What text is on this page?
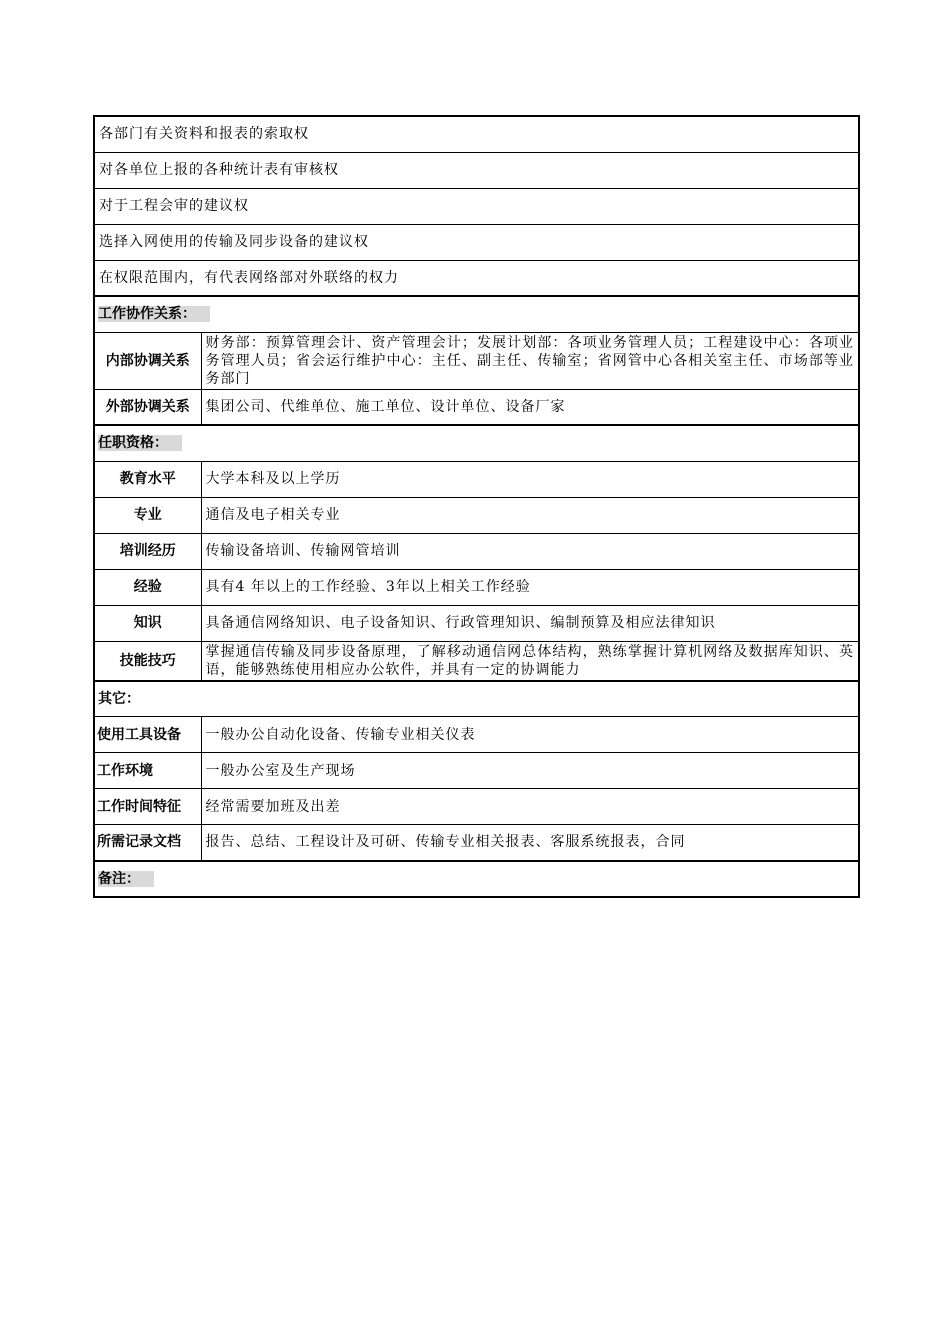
各部门有关资料和报表的索取权	
对各单位上报的各种统计表有审核权	
对于工程会审的建议权	
选择入网使用的传输及同步设备的建议权	
在权限范围内，有代表网络部对外联络的权力	
工作协作关系：	
内部协调关系	财务部：预算管理会计、资产管理会计；发展计划部：各项业务管理人员；工程建设中心：各项业务管理人员；省会运行维护中心：主任、副主任、传输室；省网管中心各相关室主任、市场部等业务部门
外部协调关系	集团公司、代维单位、施工单位、设计单位、设备厂家
任职资格：	
教育水平	大学本科及以上学历
专业	通信及电子相关专业
培训经历	传输设备培训、传输网管培训
经验	具有4 年以上的工作经验、3年以上相关工作经验
知识	具备通信网络知识、电子设备知识、行政管理知识、编制预算及相应法律知识
技能技巧	掌握通信传输及同步设备原理，了解移动通信网总体结构，熟练掌握计算机网络及数据库知识、英语，能够熟练使用相应办公软件，并具有一定的协调能力
其它：	
使用工具设备	一般办公自动化设备、传输专业相关仪表
工作环境	一般办公室及生产现场
工作时间特征	经常需要加班及出差
所需记录文档	报告、总结、工程设计及可研、传输专业相关报表、客服系统报表，合同
备注：	
